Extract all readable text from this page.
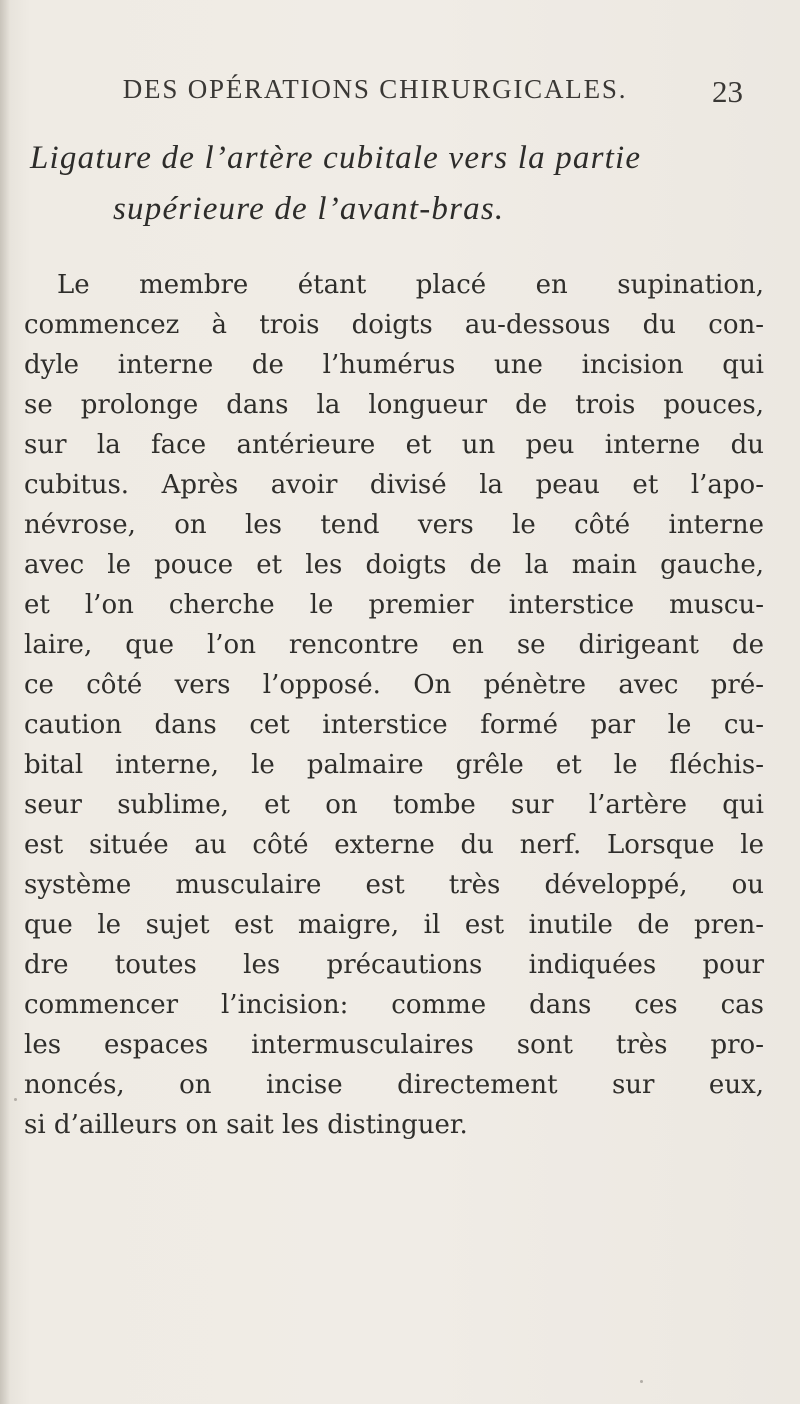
DES OPÉRATIONS CHIRURGICALES.	23
Ligature de l’artère cubitale vers la partie
supérieure de l’avant-bras.
Le membre étant placé en supination,
commencez à trois doigts au-dessous du con-
dyle interne de l’humérus une incision qui
se prolonge dans la longueur de trois pouces,
sur la face antérieure et un peu interne du
cubitus. Après avoir divisé la peau et l’apo-
névrose, on les tend vers le côté interne
avec le pouce et les doigts de la main gauche,
et l’on cherche le premier interstice muscu-
laire, que l’on rencontre en se dirigeant de
ce côté vers l’opposé. On pénètre avec pré-
caution dans cet interstice formé par le cu-
bital interne, le palmaire grêle et le fléchis-
seur sublime, et on tombe sur l’artère qui
est située au côté externe du nerf. Lorsque le
système musculaire est très développé, ou
que le sujet est maigre, il est inutile de pren-
dre toutes les précautions indiquées pour
commencer l’incision: comme dans ces cas
les espaces intermusculaires sont très pro-
noncés, on incise directement sur eux,
si d’ailleurs on sait les distinguer.
